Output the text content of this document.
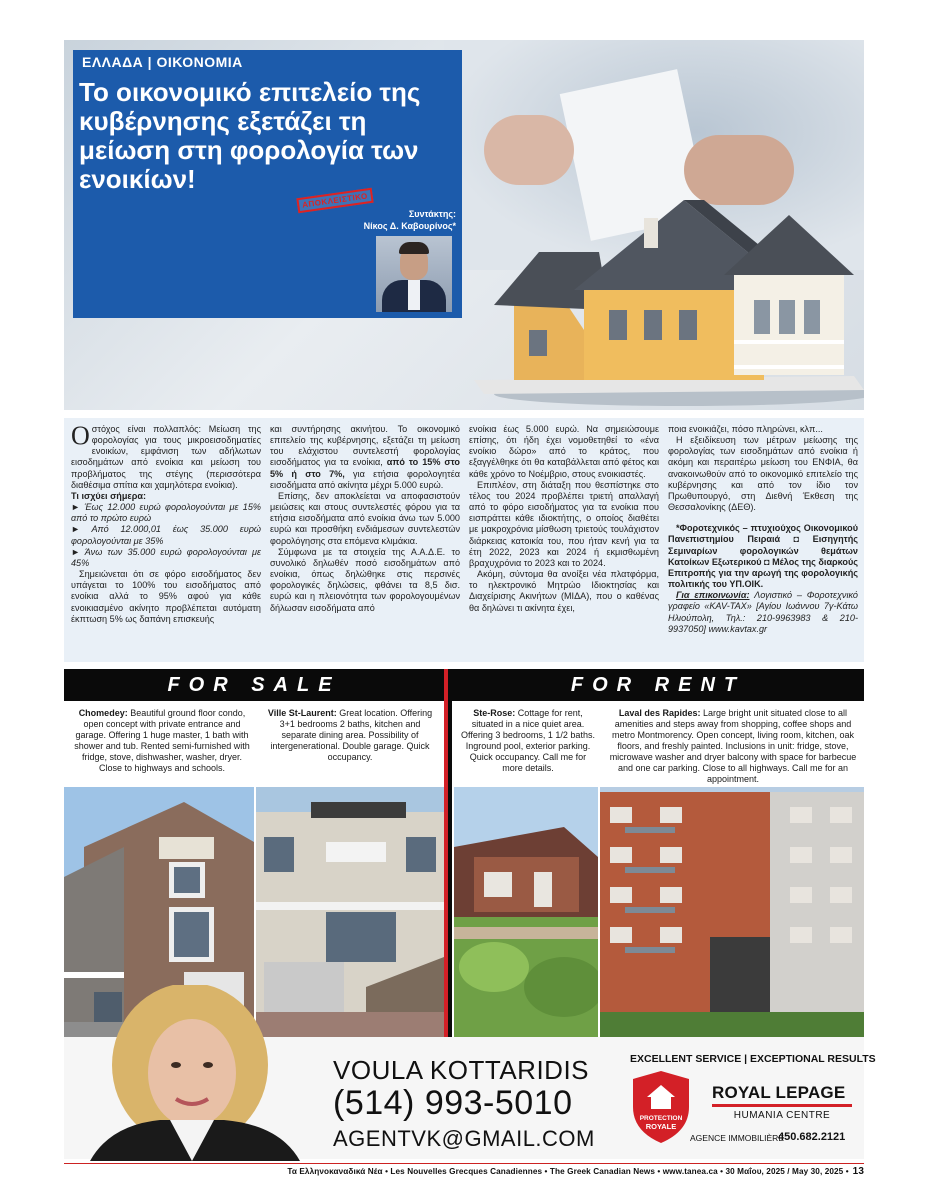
ΕΛΛΑΔΑ | ΟΙΚΟΝΟΜΙΑ
Το οικονομικό επιτελείο της κυβέρνησης εξετάζει τη μείωση στη φορολογία των ενοικίων!
ΑΠΟΚΛΕΙΣΤΙΚΟ
Συντάκτης:
Νίκος Δ. Καβουρίνος*

Οστόχος είναι πολλαπλός: Μείωση της φορολογίας για τους μικροεισοδηματίες ενοικίων, εμφάνιση των αδήλωτων εισοδημάτων από ενοίκια και μείωση του προβλήματος της στέγης (περισσότερα διαθέσιμα σπίτια και χαμηλότερα ενοίκια).

Τι ισχύει σήμερα:

► Έως 12.000 ευρώ φορολογούνται με 15% από το πρώτο ευρώ

► Από 12.000,01 έως 35.000 ευρώ φορολογούνται με 35%

► Άνω των 35.000 ευρώ φορολογούνται με 45%

Σημειώνεται ότι σε φόρο εισοδήματος δεν υπάγεται το 100% του εισοδήματος από ενοίκια αλλά το 95% αφού για κάθε ενοικιασμένο ακίνητο προβλέπεται αυτόματη έκπτωση 5% ως δαπάνη επισκευής

και συντήρησης ακινήτου. Το οικονομικό επιτελείο της κυβέρνησης, εξετάζει τη μείωση του ελάχιστου συντελεστή φορολογίας εισοδήματος για τα ενοίκια, από το 15% στο 5% ή στο 7%, για ετήσια φορολογητέα εισοδήματα από ακίνητα μέχρι 5.000 ευρώ.

Επίσης, δεν αποκλείεται να αποφασιστούν μειώσεις και στους συντελεστές φόρου για τα ετήσια εισοδήματα από ενοίκια άνω των 5.000 ευρώ και προσθήκη ενδιάμεσων συντελεστών φορολόγησης στα επόμενα κλιμάκια.

Σύμφωνα με τα στοιχεία της Α.Α.Δ.Ε. το συνολικό δηλωθέν ποσό εισοδημάτων από ενοίκια, όπως δηλώθηκε στις περσινές φορολογικές δηλώσεις, φθάνει τα 8,5 δισ. ευρώ και η πλειονότητα των φορολογουμένων δήλωσαν εισοδήματα από

ενοίκια έως 5.000 ευρώ. Να σημειώσουμε επίσης, ότι ήδη έχει νομοθετηθεί το «ένα ενοίκιο δώρο» από το κράτος, που εξαγγέλθηκε ότι θα καταβάλλεται από φέτος και κάθε χρόνο το Νοέμβριο, στους ενοικιαστές.

Επιπλέον, στη διάταξη που θεσπίστηκε στο τέλος του 2024 προβλέπει τριετή απαλλαγή από το φόρο εισοδήματος για τα ενοίκια που εισπράττει κάθε ιδιοκτήτης, ο οποίος διαθέτει με μακροχρόνια μίσθωση τριετούς τουλάχιστον διάρκειας κατοικία του, που ήταν κενή για τα έτη 2022, 2023 και 2024 ή εκμισθωμένη βραχυχρόνια το 2023 και το 2024.

Ακόμη, σύντομα θα ανοίξει νέα πλατφόρμα, το ηλεκτρονικό Μητρώο Ιδιοκτησίας και Διαχείρισης Ακινήτων (ΜΙΔΑ), που ο καθένας θα δηλώνει τι ακίνητα έχει,

ποια ενοικιάζει, πόσο πληρώνει, κλπ...

Η εξειδίκευση των μέτρων μείωσης της φορολογίας των εισοδημάτων από ενοίκια ή ακόμη και περαιτέρω μείωση του ΕΝΦΙΑ, θα ανακοινωθούν από το οικονομικό επιτελείο της κυβέρνησης και από τον ίδιο τον Πρωθυπουργό, στη Διεθνή Έκθεση της Θεσσαλονίκης (ΔΕΘ).

*Φοροτεχνικός – πτυχιούχος Οικονομικού Πανεπιστημίου Πειραιά ◘ Εισηγητής Σεμιναρίων φορολογικών θεμάτων Κατοίκων Εξωτερικού ◘ Μέλος της διαρκούς Επιτροπής για την αρωγή της φορολογικής πολιτικής του ΥΠ.ΟΙΚ.

Για επικοινωνία: Λογιστικό – Φοροτεχνικό γραφείο «KAV-TAX» [Αγίου Ιωάννου 7γ-Κάτω Ηλιούπολη, Τηλ.: 210-9963983 & 210-9937050] www.kavtax.gr

FOR SALE	FOR RENT
Chomedey: Beautiful ground floor condo, open concept with private entrance and garage. Offering 1 huge master, 1 bath with shower and tub. Rented semi-furnished with fridge, stove, dishwasher, washer, dryer. Close to highways and schools.
Ville St-Laurent: Great location. Offering 3+1 bedrooms 2 baths, kitchen and separate dining area. Possibility of intergenerational. Double garage. Quick occupancy.
Ste-Rose: Cottage for rent, situated in a nice quiet area. Offering 3 bedrooms, 1 1/2 baths. Inground pool, exterior parking. Quick occupancy. Call me for more details.
Laval des Rapides: Large bright unit situated close to all amenities and steps away from shopping, coffee shops and metro Montmorency. Open concept, living room, kitchen, oak floors, and freshly painted. Inclusions in unit: fridge, stove, microwave washer and dryer balcony with space for barbecue and one car parking. Close to all highways. Call me for an appointment.
VOULA KOTTARIDIS
(514) 993-5010
AGENTVK@GMAIL.COM
EXCELLENT SERVICE | EXCEPTIONAL RESULTS
PROTECTION
ROYALE
ROYAL LEPAGE
HUMANIA CENTRE
AGENCE IMMOBILIÈRE
450.682.2121
Τα Ελληνοκαναδικά Νέα • Les Nouvelles Grecques Canadiennes • The Greek Canadian News • www.tanea.ca • 30 Μαΐου, 2025 / May 30, 2025 • 13
